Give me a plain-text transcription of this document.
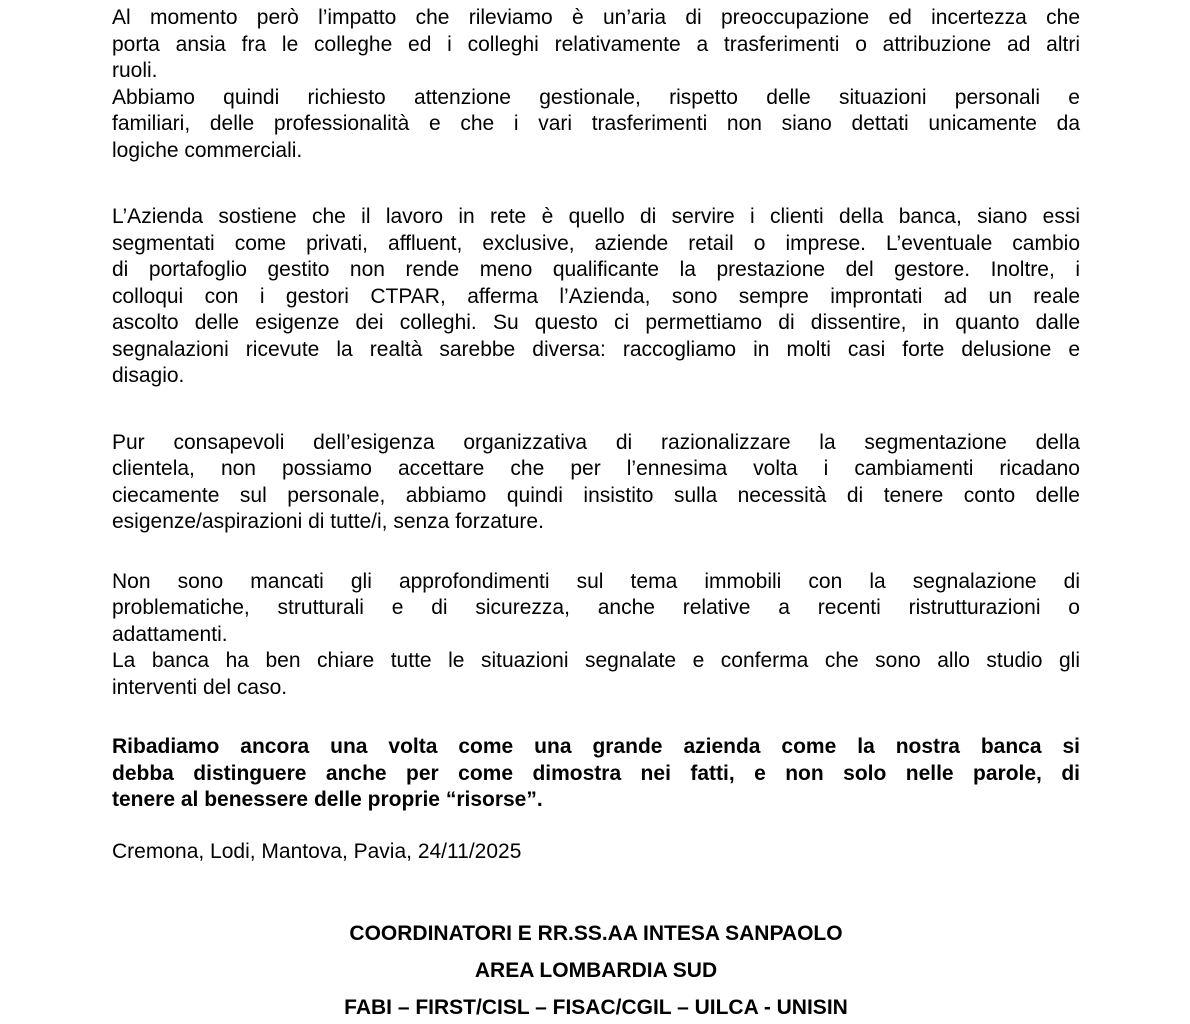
Al momento però l’impatto che rileviamo è un’aria di preoccupazione ed incertezza che
porta ansia fra le colleghe ed i colleghi relativamente a trasferimenti o attribuzione ad altri
ruoli.
Abbiamo quindi richiesto attenzione gestionale, rispetto delle situazioni personali e
familiari, delle professionalità e che i vari trasferimenti non siano dettati unicamente da
logiche commerciali.
L’Azienda sostiene che il lavoro in rete è quello di servire i clienti della banca, siano essi
segmentati come privati, affluent, exclusive, aziende retail o imprese. L’eventuale cambio
di portafoglio gestito non rende meno qualificante la prestazione del gestore. Inoltre, i
colloqui con i gestori CTPAR, afferma l’Azienda, sono sempre improntati ad un reale
ascolto delle esigenze dei colleghi. Su questo ci permettiamo di dissentire, in quanto dalle
segnalazioni ricevute la realtà sarebbe diversa: raccogliamo in molti casi forte delusione e
disagio.
Pur consapevoli dell’esigenza organizzativa di razionalizzare la segmentazione della
clientela, non possiamo accettare che per l’ennesima volta i cambiamenti ricadano
ciecamente sul personale, abbiamo quindi insistito sulla necessità di tenere conto delle
esigenze/aspirazioni di tutte/i, senza forzature.
Non sono mancati gli approfondimenti sul tema immobili con la segnalazione di
problematiche, strutturali e di sicurezza, anche relative a recenti ristrutturazioni o
adattamenti.
La banca ha ben chiare tutte le situazioni segnalate e conferma che sono allo studio gli
interventi del caso.
Ribadiamo ancora una volta come una grande azienda come la nostra banca si
debba distinguere anche per come dimostra nei fatti, e non solo nelle parole, di
tenere al benessere delle proprie “risorse”.
Cremona, Lodi, Mantova, Pavia, 24/11/2025
COORDINATORI E RR.SS.AA INTESA SANPAOLO
AREA LOMBARDIA SUD
FABI – FIRST/CISL – FISAC/CGIL – UILCA - UNISIN
